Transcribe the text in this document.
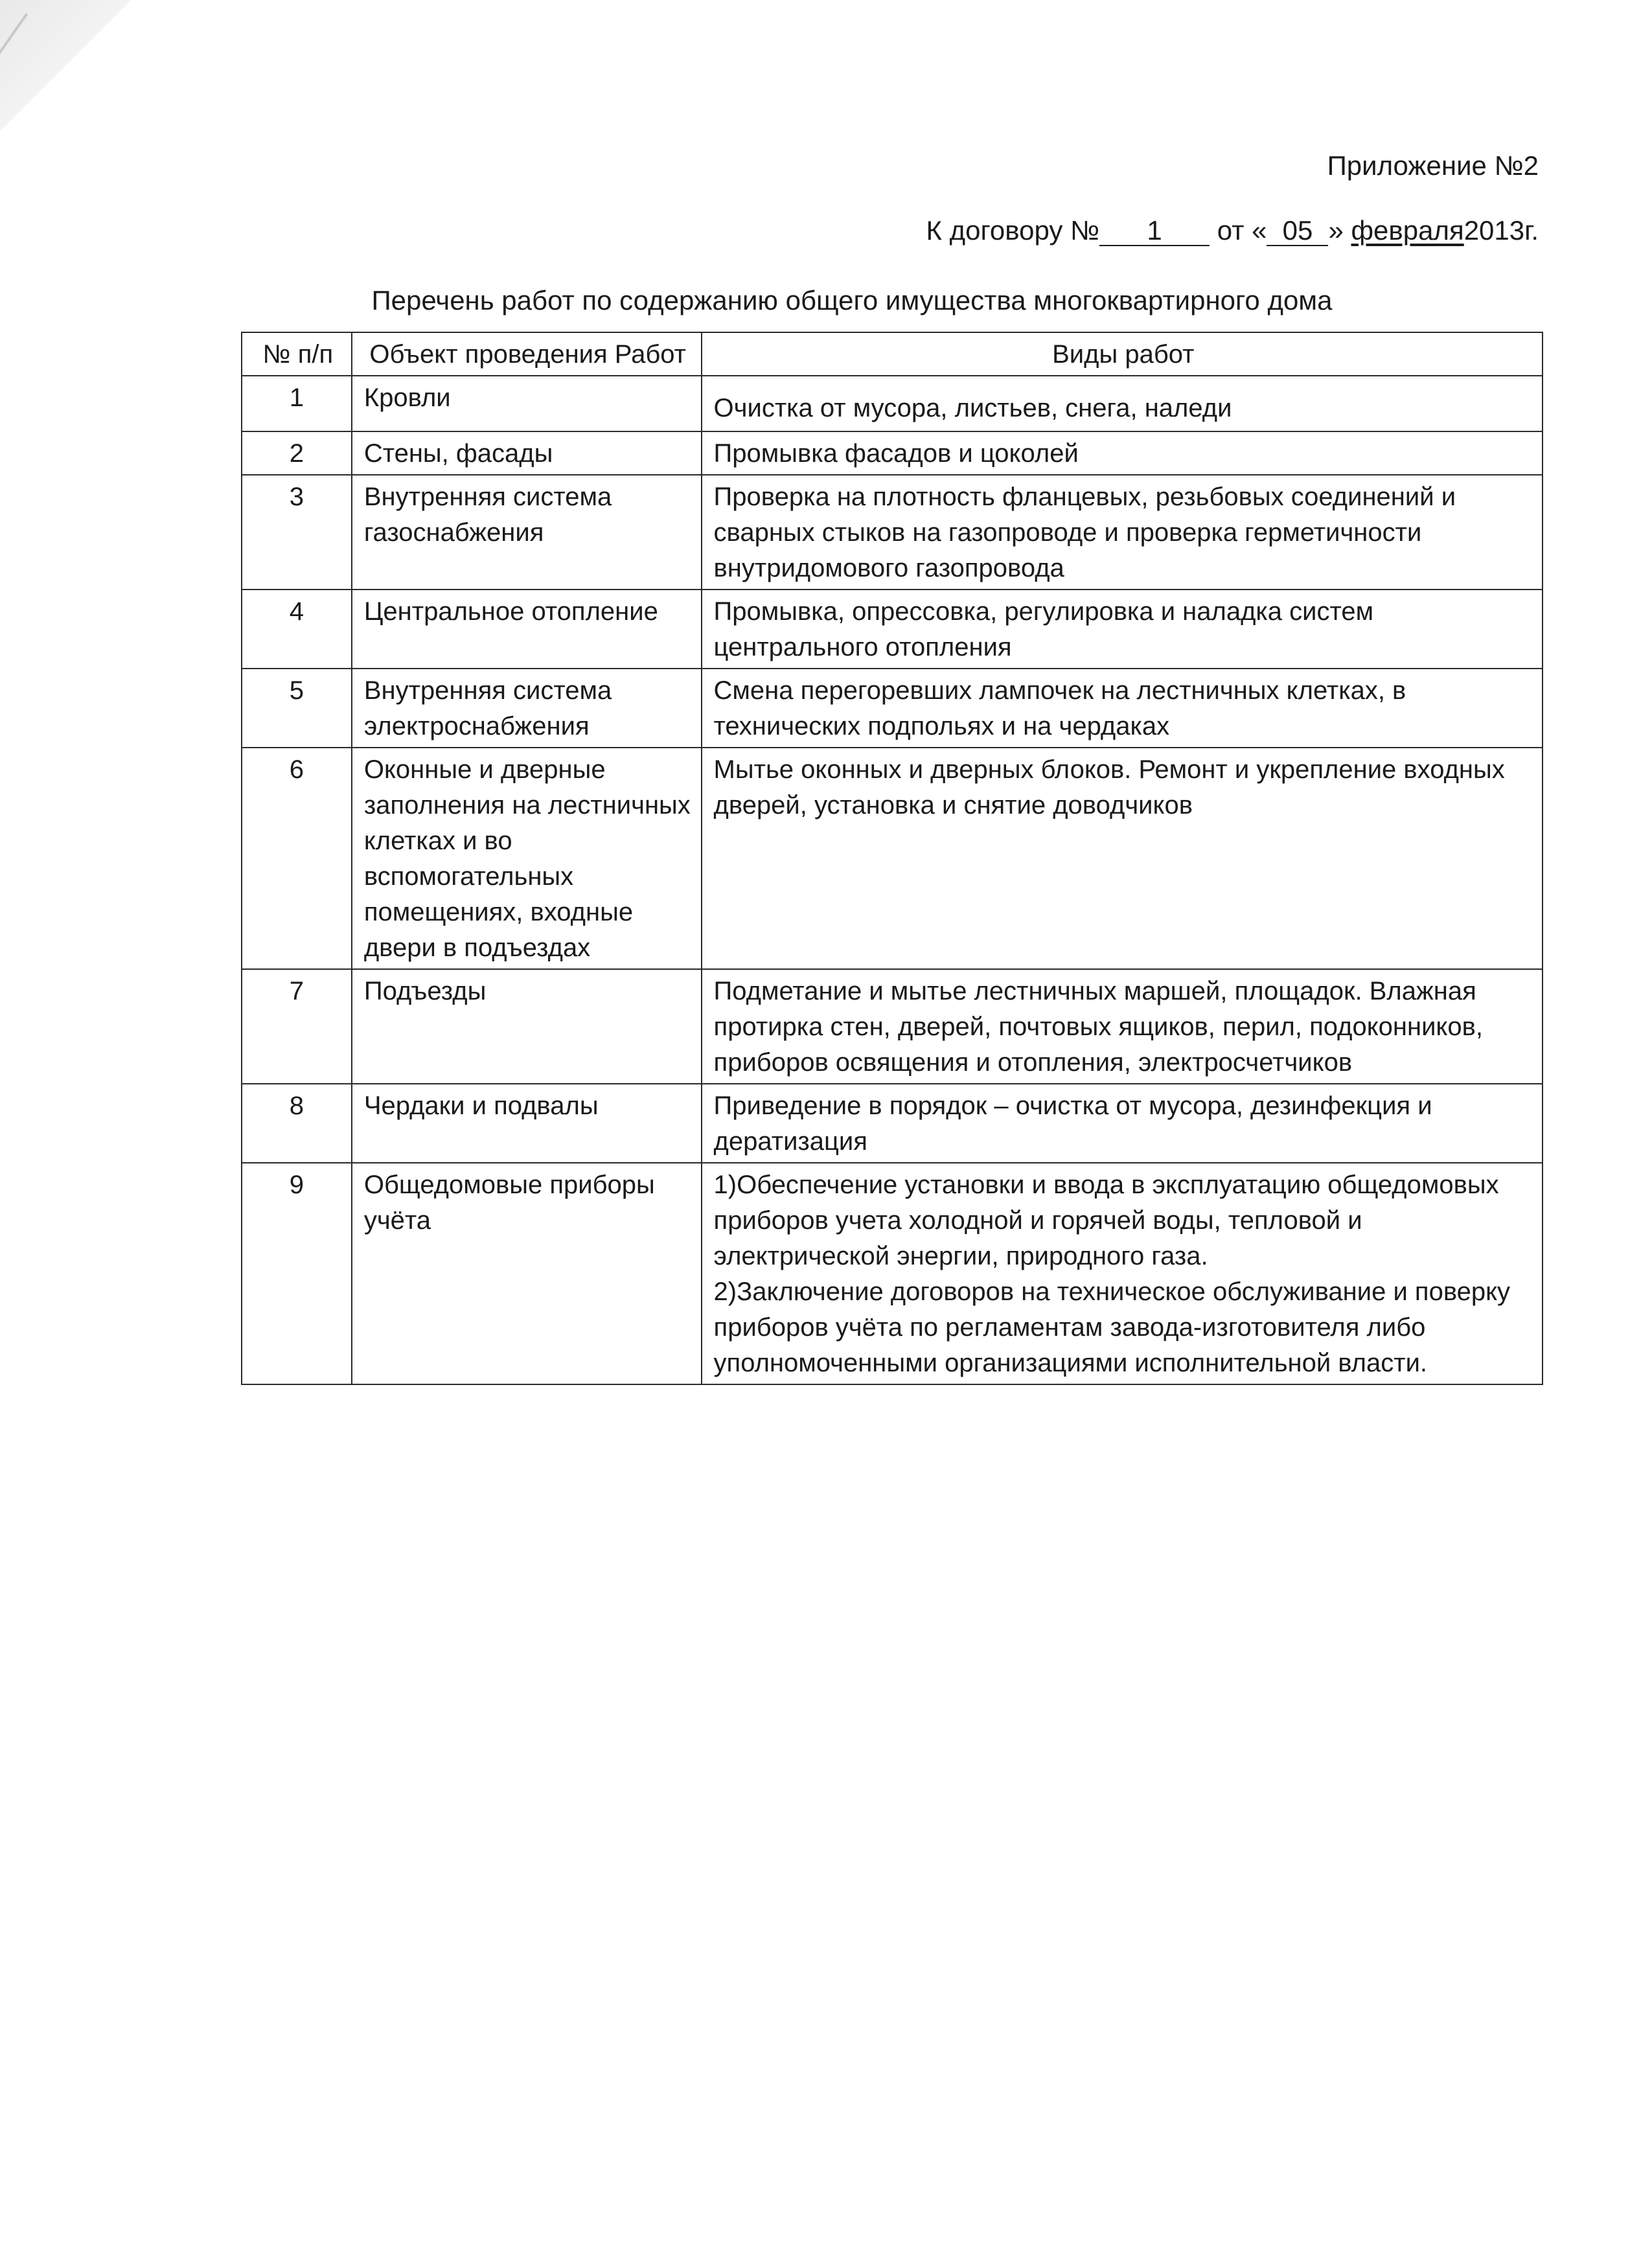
Приложение №2
К договору № 1 от « 05 » февраля2013г.
Перечень работ по содержанию общего имущества многоквартирного дома
№ п/п	Объект проведения Работ	Виды работ
1	Кровли	Очистка от мусора, листьев, снега, наледи
2	Стены, фасады	Промывка фасадов и цоколей
3	Внутренняя система газоснабжения	Проверка на плотность фланцевых, резьбовых соединений и сварных стыков на газопроводе и проверка герметичности внутридомового газопровода
4	Центральное отопление	Промывка, опрессовка, регулировка и наладка систем центрального отопления
5	Внутренняя система электроснабжения	Смена перегоревших лампочек на лестничных клетках, в технических подпольях и на чердаках
6	Оконные и дверные заполнения на лестничных клетках и во вспомогательных помещениях, входные двери в подъездах	Мытье оконных и дверных блоков. Ремонт и укрепление входных дверей, установка и снятие доводчиков
7	Подъезды	Подметание и мытье лестничных маршей, площадок. Влажная протирка стен, дверей, почтовых ящиков, перил, подоконников, приборов освящения и отопления, электросчетчиков
8	Чердаки и подвалы	Приведение в порядок – очистка от мусора, дезинфекция и дератизация
9	Общедомовые приборы учёта	1)Обеспечение установки и ввода в эксплуатацию общедомовых приборов учета холодной и горячей воды, тепловой и электрической энергии, природного газа.
2)Заключение договоров на техническое обслуживание и поверку приборов учёта по регламентам завода-изготовителя либо уполномоченными организациями исполнительной власти.
